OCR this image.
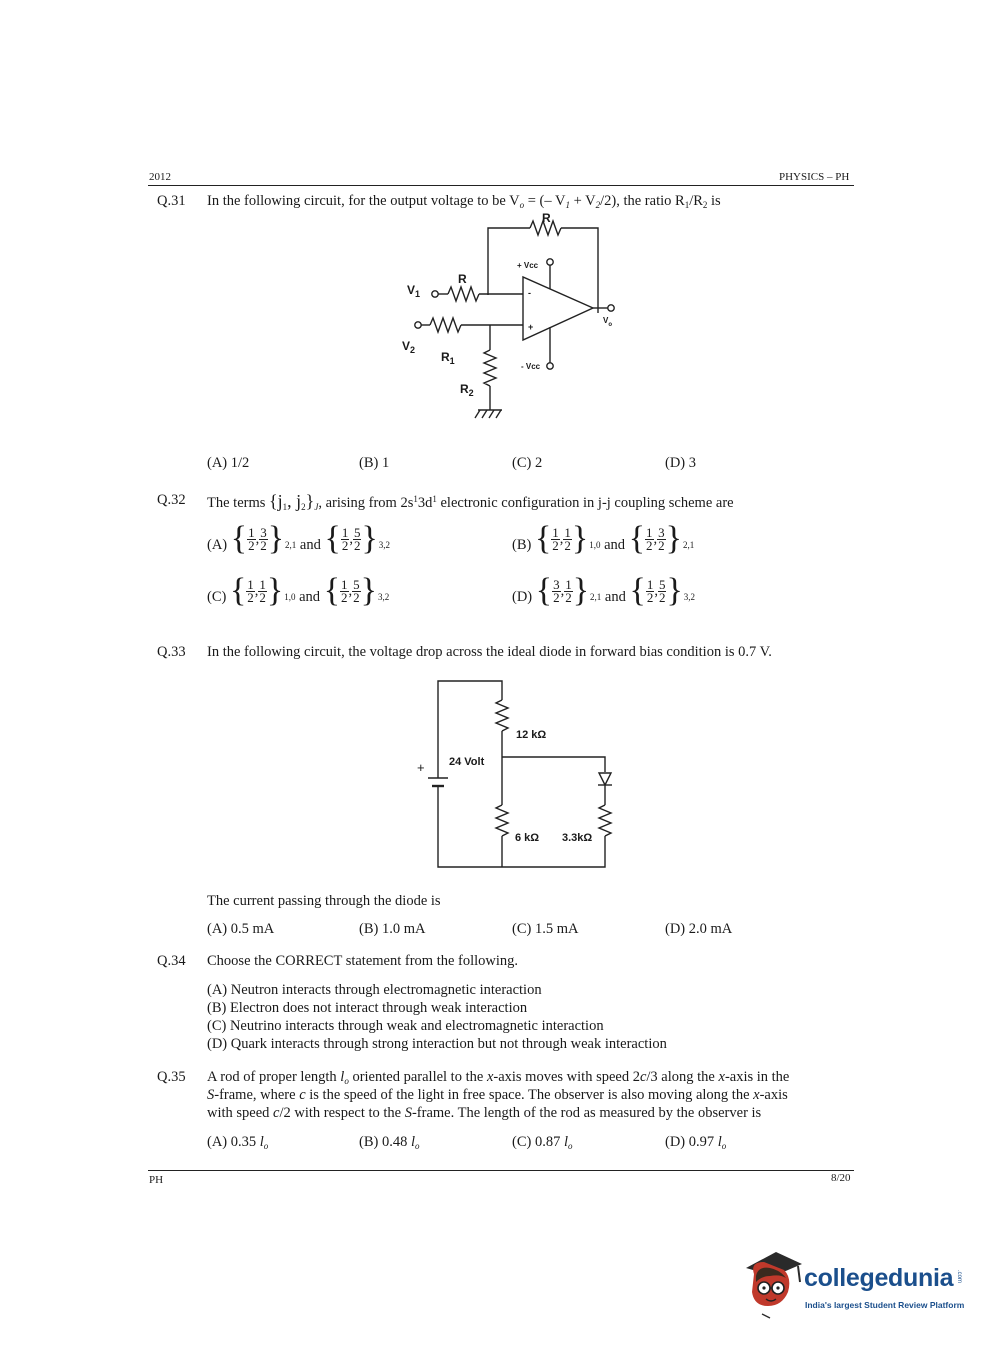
2012	PHYSICS – PH
Q.31 In the following circuit, for the output voltage to be $V_o$ = (– $V_1 + V_2/2$), the ratio $R_1/R_2$ is
R
+ Vcc
- Vcc
-
+
$V_1$
R
$V_2$ $R_1$
$R_2$
$V_o$
(A) 1/2	(B) 1	(C) 2	(D) 3
Q.32 The terms {$j_1$, $j_2\}_J$, arising from $2s^13d^1$ electronic configuration in j-j coupling scheme are
(A) { $\frac{1}{2}$ , $\frac{3}{2}$ } 2,1 and { $\frac{1}{2}$ , $\frac{5}{2}$ } 3,2	(B) { $\frac{1}{2}$ , $\frac{1}{2}$ } 1,0 and { $\frac{1}{2}$ , $\frac{3}{2}$ } 2,1
(C) { $\frac{1}{2}$ , $\frac{1}{2}$ } 1,0 and { $\frac{1}{2}$ , $\frac{5}{2}$ } 3,2	(D) { $\frac{3}{2}$ , $\frac{1}{2}$ } 2,1 and { $\frac{1}{2}$ , $\frac{5}{2}$ } 3,2
Q.33 In the following circuit, the voltage drop across the ideal diode in forward bias condition is 0.7 V.
+ 24 Volt
12 kΩ
6 kΩ 3.3kΩ
The current passing through the diode is
(A) 0.5 mA	(B) 1.0 mA	(C) 1.5 mA	(D) 2.0 mA
Q.34 Choose the CORRECT statement from the following.
(A) Neutron interacts through electromagnetic interaction
(B) Electron does not interact through weak interaction
(C) Neutrino interacts through weak and electromagnetic interaction
(D) Quark interacts through strong interaction but not through weak interaction
Q.35 A rod of proper length $l_o$ oriented parallel to the x-axis moves with speed 2c/3 along the x-axis in the
S-frame, where c is the speed of the light in free space. The observer is also moving along the x-axis
with speed c/2 with respect to the S-frame. The length of the rod as measured by the observer is
(A) 0.35 $l_o$	(B) 0.48 $l_o$	(C) 0.87 $l_o$	(D) 0.97 $l_o$
PH	8/20
collegedunia .com
India's largest Student Review Platform
